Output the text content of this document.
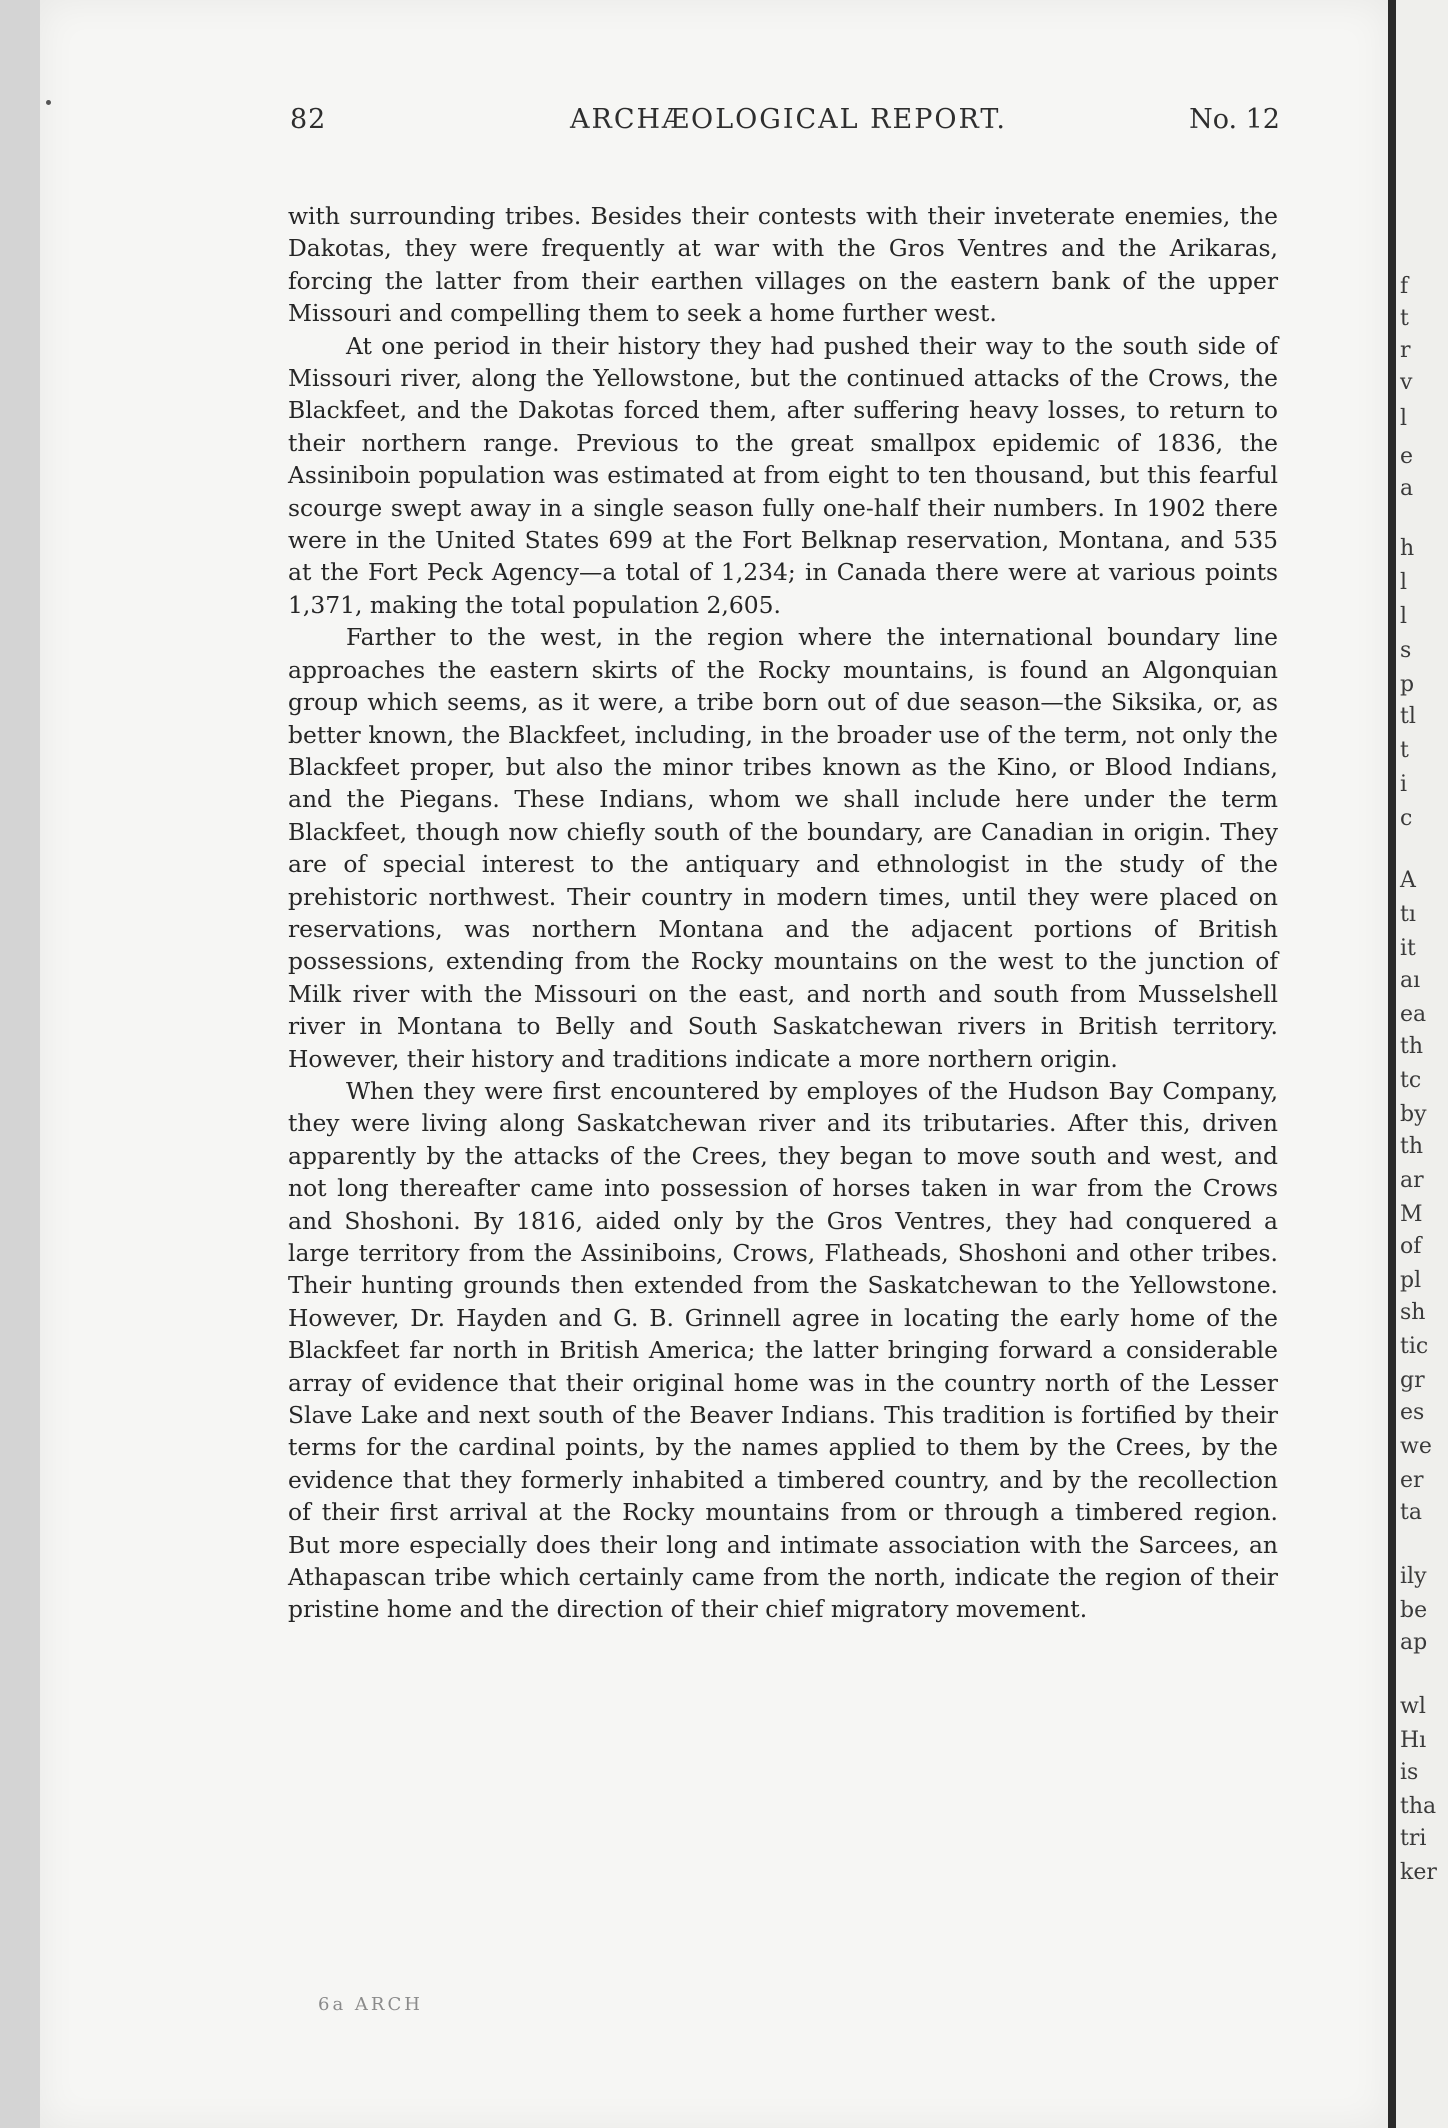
82	ARCHÆOLOGICAL REPORT.	No. 12

with surrounding tribes. Besides their contests with their inveterate enemies, the Dakotas, they were frequently at war with the Gros Ventres and the Arikaras, forcing the latter from their earthen villages on the eastern bank of the upper Missouri and compelling them to seek a home further west.

At one period in their history they had pushed their way to the south side of Missouri river, along the Yellowstone, but the continued attacks of the Crows, the Blackfeet, and the Dakotas forced them, after suffering heavy losses, to return to their northern range. Previous to the great smallpox epidemic of 1836, the Assiniboin population was estimated at from eight to ten thousand, but this fearful scourge swept away in a single season fully one-half their numbers. In 1902 there were in the United States 699 at the Fort Belknap reservation, Montana, and 535 at the Fort Peck Agency—a total of 1,234; in Canada there were at various points 1,371, making the total population 2,605.

Farther to the west, in the region where the international boundary line approaches the eastern skirts of the Rocky mountains, is found an Algonquian group which seems, as it were, a tribe born out of due season—the Siksika, or, as better known, the Blackfeet, including, in the broader use of the term, not only the Blackfeet proper, but also the minor tribes known as the Kino, or Blood Indians, and the Piegans. These Indians, whom we shall include here under the term Blackfeet, though now chiefly south of the boundary, are Canadian in origin. They are of special interest to the antiquary and ethnologist in the study of the prehistoric northwest. Their country in modern times, until they were placed on reservations, was northern Montana and the adjacent portions of British possessions, extending from the Rocky mountains on the west to the junction of Milk river with the Missouri on the east, and north and south from Musselshell river in Montana to Belly and South Saskatchewan rivers in British territory. However, their history and traditions indicate a more northern origin.

When they were first encountered by employes of the Hudson Bay Company, they were living along Saskatchewan river and its tributaries. After this, driven apparently by the attacks of the Crees, they began to move south and west, and not long thereafter came into possession of horses taken in war from the Crows and Shoshoni. By 1816, aided only by the Gros Ventres, they had conquered a large territory from the Assiniboins, Crows, Flatheads, Shoshoni and other tribes. Their hunting grounds then extended from the Saskatchewan to the Yellowstone. However, Dr. Hayden and G. B. Grinnell agree in locating the early home of the Blackfeet far north in British America; the latter bringing forward a considerable array of evidence that their original home was in the country north of the Lesser Slave Lake and next south of the Beaver Indians. This tradition is fortified by their terms for the cardinal points, by the names applied to them by the Crees, by the evidence that they formerly inhabited a timbered country, and by the recollection of their first arrival at the Rocky mountains from or through a timbered region. But more especially does their long and intimate association with the Sarcees, an Athapascan tribe which certainly came from the north, indicate the region of their pristine home and the direction of their chief migratory movement.

6a ARCH
f
t
r
v
l
e
a
h
l
l
s
p
tl
t
i
c
A
tı
it
aı
ea
th
tc
by
th
ar
M
of
pl
sh
tic
gr
es
we
er
ta
ily
be
ap
wl
Hı
is
tha
tri
ker
